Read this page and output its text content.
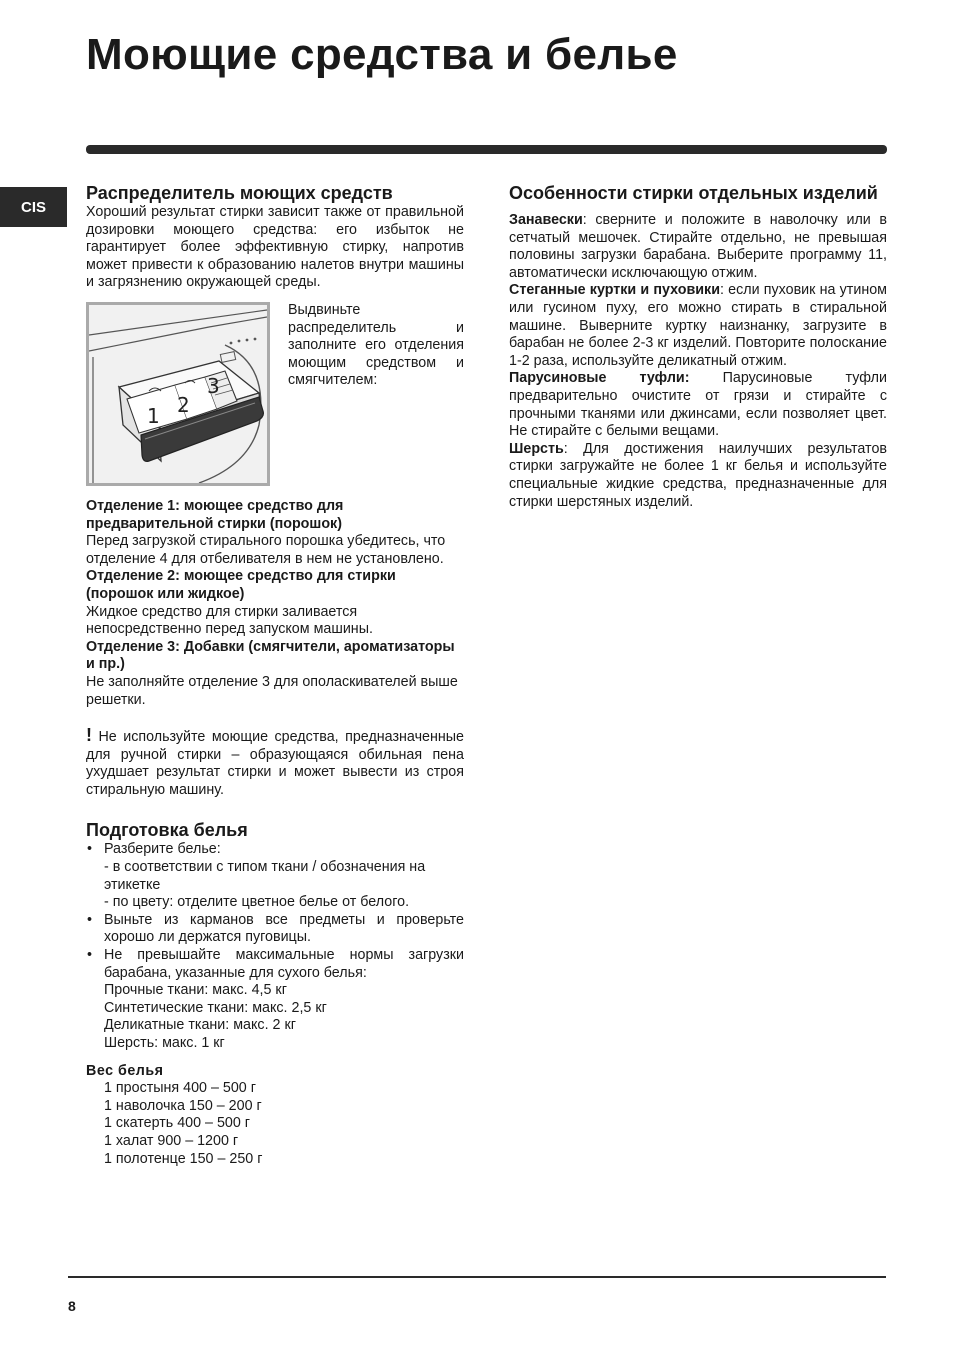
Моющие средства и белье
CIS
Распределитель моющих средств

Хороший результат стирки зависит также от правильной дозировки моющего средства: его избыток не гарантирует более эффективную стирку, напротив может привести к образованию налетов внутри машины и загрязнению окружающей среды.

1 2
3

Выдвиньте распределитель и заполните его отделения моющим средством и смягчителем:

Отделение 1: моющее средство для предварительной стирки (порошок)

Перед загрузкой стирального порошка убедитесь, что отделение 4 для отбеливателя в нем не установлено.

Отделение 2: моющее средство для стирки (порошок или жидкое)

Жидкое средство для стирки заливается непосредственно перед запуском машины.

Отделение 3: Добавки (смягчители, ароматизаторы и пр.)

Не заполняйте отделение 3 для ополаскивателей выше решетки.

! Не используйте моющие средства, предназначенные для ручной стирки – образующаяся обильная пена ухудшает результат стирки и может вывести из строя стиральную машину.

Подготовка белья
• Разберите белье:
- в соответствии с типом ткани / обозначения на этикетке
- по цвету: отделите цветное белье от белого.
• Выньте из карманов все предметы и проверьте хорошо ли держатся пуговицы.
• Не превышайте максимальные нормы загрузки барабана, указанные для сухого белья:
Прочные ткани: макс. 4,5 кг
Синтетические ткани: макс. 2,5 кг
Деликатные ткани: макс. 2 кг
Шерсть: макс. 1 кг

Вес белья

1 простыня 400 – 500 г
1 наволочка 150 – 200 г
1 скатерть 400 – 500 г
1 халат 900 – 1200 г
1 полотенце 150 – 250 г
Особенности стирки отдельных изделий

Занавески: сверните и положите в наволочку или в сетчатый мешочек. Стирайте отдельно, не превышая половины загрузки барабана. Выберите программу 11, автоматически исключающую отжим.

Стеганные куртки и пуховики: если пуховик на утином или гусином пуху, его можно стирать в стиральной машине. Выверните куртку наизнанку, загрузите в барабан не более 2-3 кг изделий. Повторите полоскание 1-2 раза, используйте деликатный отжим.

Парусиновые туфли: Парусиновые туфли предварительно очистите от грязи и стирайте с прочными тканями или джинсами, если позволяет цвет. Не стирайте с белыми вещами.

Шерсть: Для достижения наилучших результатов стирки загружайте не более 1 кг белья и используйте специальные жидкие средства, предназначенные для стирки шерстяных изделий.

8
